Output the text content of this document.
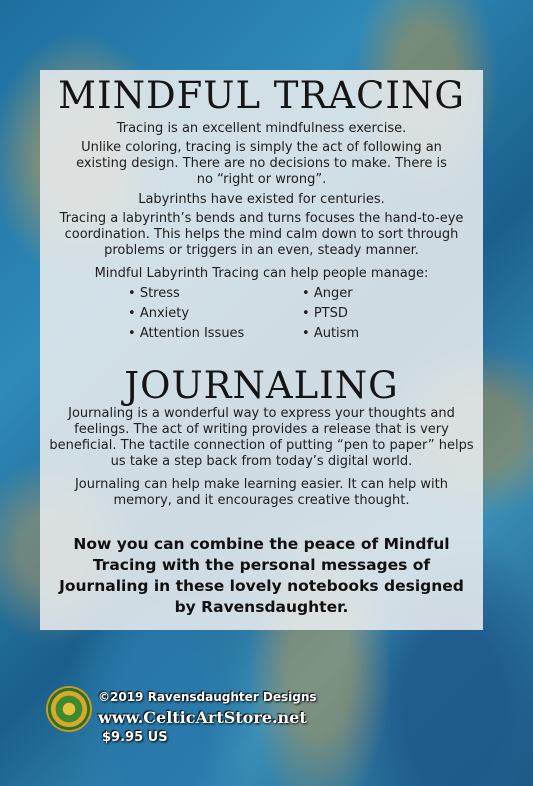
MINDFUL TRACING
Tracing is an excellent mindfulness exercise.
Unlike coloring, tracing is simply the act of following an existing design. There are no decisions to make. There is no “right or wrong”.
Labyrinths have existed for centuries.
Tracing a labyrinth’s bends and turns focuses the hand-to-eye coordination. This helps the mind calm down to sort through problems or triggers in an even, steady manner.
Mindful Labyrinth Tracing can help people manage:
• Stress
• Anxiety
• Attention Issues
• Anger
• PTSD
• Autism
JOURNALING
Journaling is a wonderful way to express your thoughts and feelings. The act of writing provides a release that is very beneficial. The tactile connection of putting “pen to paper” helps us take a step back from today’s digital world.
Journaling can help make learning easier. It can help with memory, and it encourages creative thought.
Now you can combine the peace of Mindful Tracing with the personal messages of Journaling in these lovely notebooks designed by Ravensdaughter.
©2019 Ravensdaughter Designs
www.CelticArtStore.net
$9.95 US
